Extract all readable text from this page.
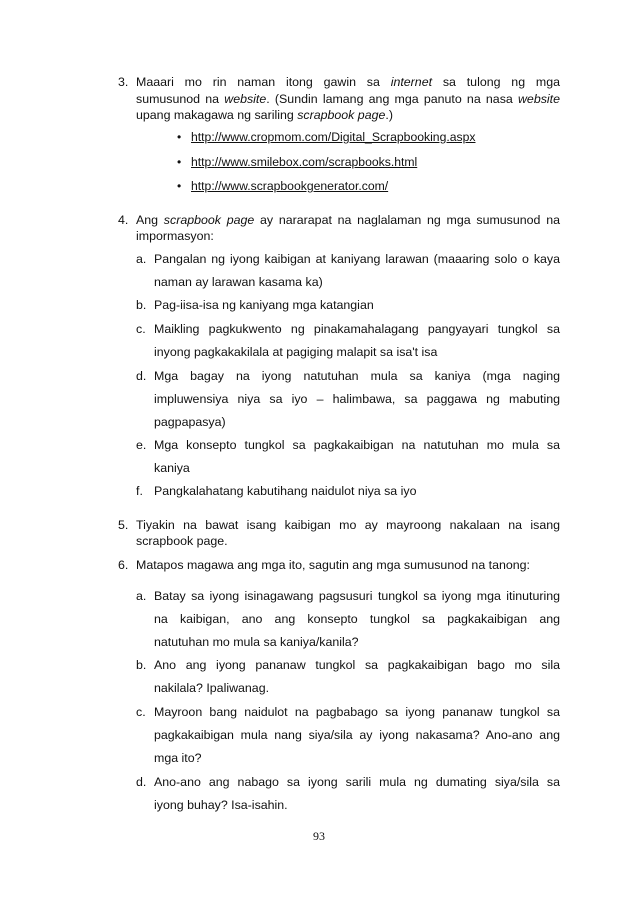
3. Maaari mo rin naman itong gawin sa internet sa tulong ng mga
sumusunod na website. (Sundin lamang ang mga panuto na nasa website
upang makagawa ng sariling scrapbook page.)
• http://www.cropmom.com/Digital_Scrapbooking.aspx
• http://www.smilebox.com/scrapbooks.html
• http://www.scrapbookgenerator.com/
4. Ang scrapbook page ay nararapat na naglalaman ng mga sumusunod na
impormasyon:
a. Pangalan ng iyong kaibigan at kaniyang larawan (maaaring solo o kaya
naman ay larawan kasama ka)
b. Pag-iisa-isa ng kaniyang mga katangian
c. Maikling pagkukwento ng pinakamahalagang pangyayari tungkol sa
inyong pagkakakilala at pagiging malapit sa isa't isa
d. Mga bagay na iyong natutuhan mula sa kaniya (mga naging
impluwensiya niya sa iyo – halimbawa, sa paggawa ng mabuting
pagpapasya)
e. Mga konsepto tungkol sa pagkakaibigan na natutuhan mo mula sa
kaniya
f. Pangkalahatang kabutihang naidulot niya sa iyo
5. Tiyakin na bawat isang kaibigan mo ay mayroong nakalaan na isang
scrapbook page.
6. Matapos magawa ang mga ito, sagutin ang mga sumusunod na tanong:
a. Batay sa iyong isinagawang pagsusuri tungkol sa iyong mga itinuturing
na kaibigan, ano ang konsepto tungkol sa pagkakaibigan ang
natutuhan mo mula sa kaniya/kanila?
b. Ano ang iyong pananaw tungkol sa pagkakaibigan bago mo sila
nakilala? Ipaliwanag.
c. Mayroon bang naidulot na pagbabago sa iyong pananaw tungkol sa
pagkakaibigan mula nang siya/sila ay iyong nakasama? Ano-ano ang
mga ito?
d. Ano-ano ang nabago sa iyong sarili mula ng dumating siya/sila sa
iyong buhay? Isa-isahin.
93
